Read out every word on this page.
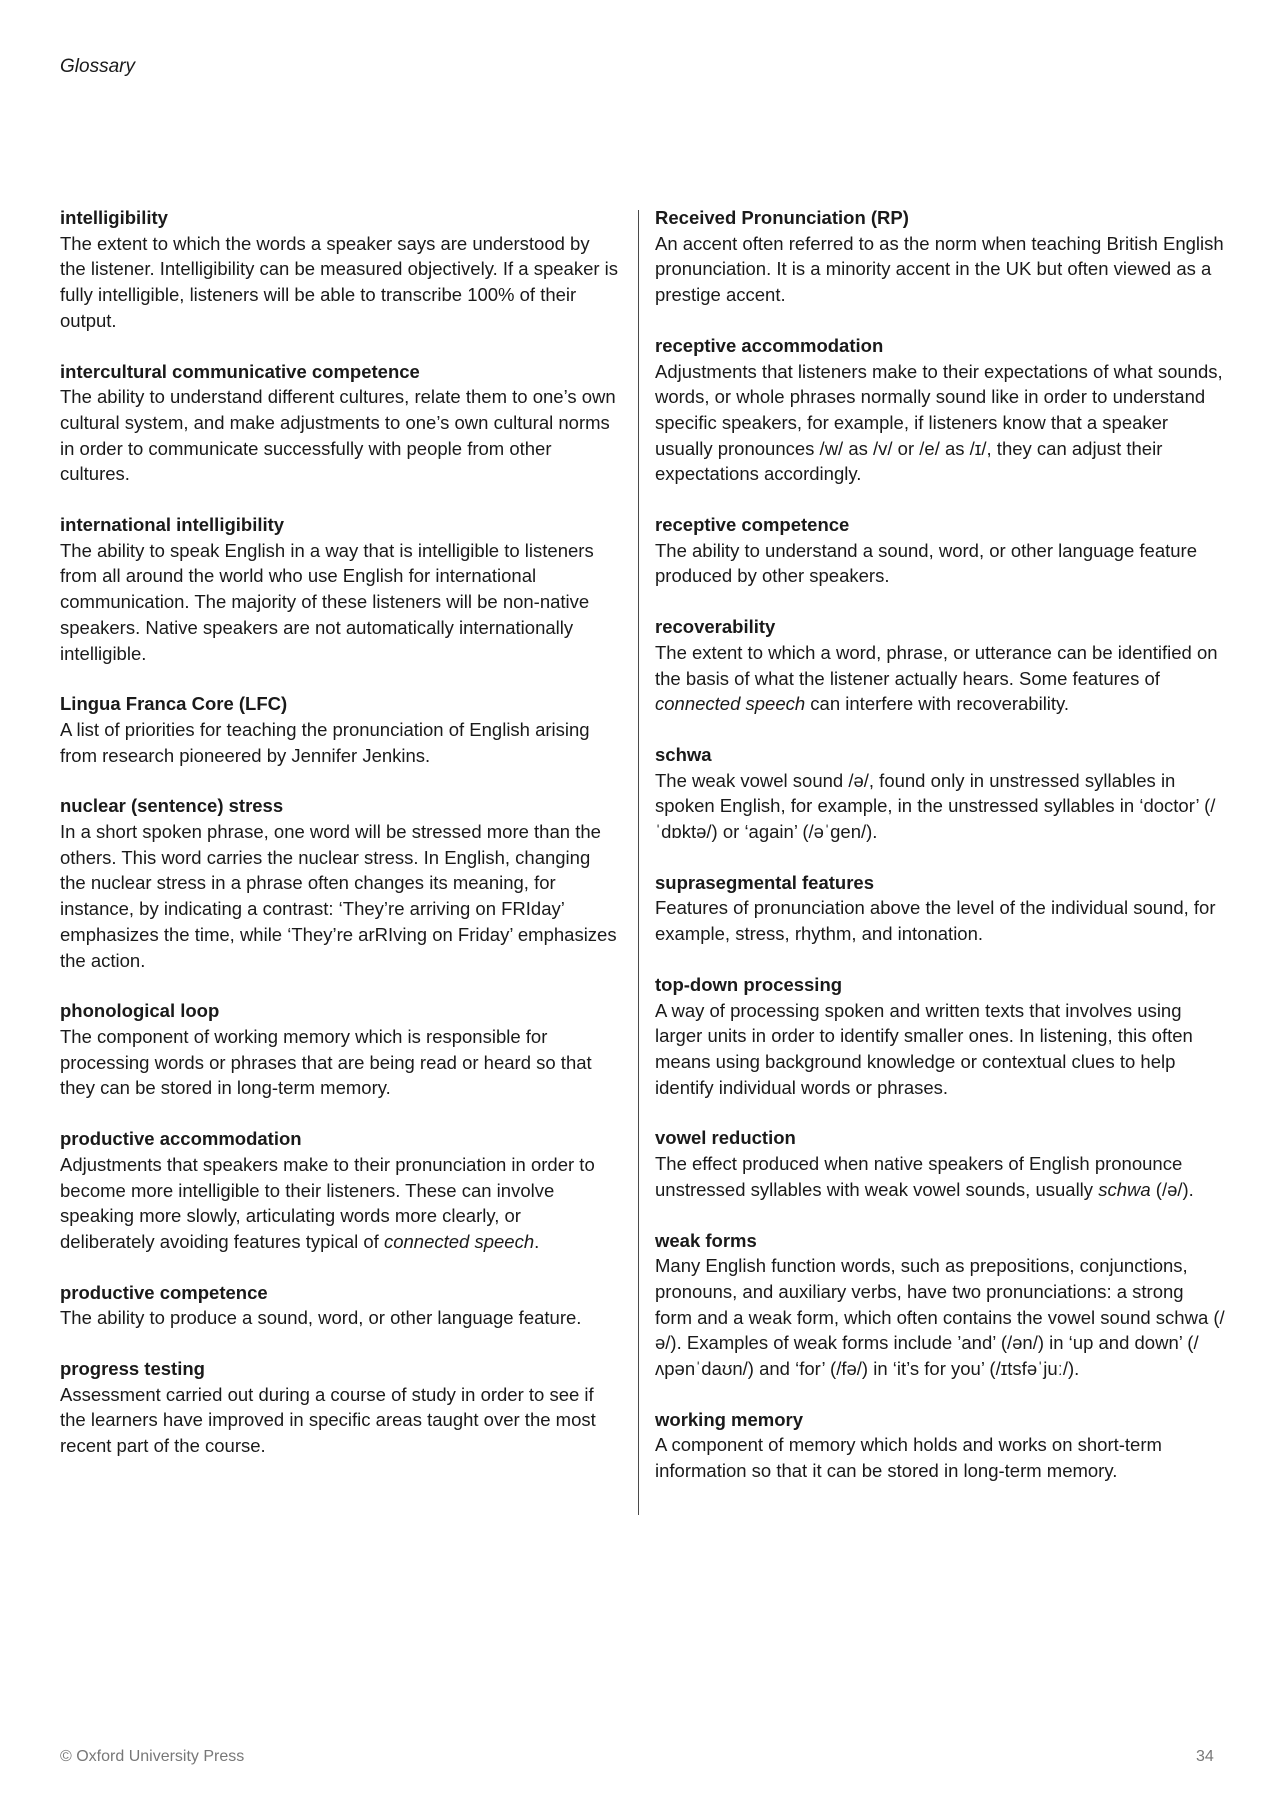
Glossary
intelligibility
The extent to which the words a speaker says are understood by the listener. Intelligibility can be measured objectively. If a speaker is fully intelligible, listeners will be able to transcribe 100% of their output.
intercultural communicative competence
The ability to understand different cultures, relate them to one’s own cultural system, and make adjustments to one’s own cultural norms in order to communicate successfully with people from other cultures.
international intelligibility
The ability to speak English in a way that is intelligible to listeners from all around the world who use English for international communication. The majority of these listeners will be non-native speakers. Native speakers are not automatically internationally intelligible.
Lingua Franca Core (LFC)
A list of priorities for teaching the pronunciation of English arising from research pioneered by Jennifer Jenkins.
nuclear (sentence) stress
In a short spoken phrase, one word will be stressed more than the others. This word carries the nuclear stress. In English, changing the nuclear stress in a phrase often changes its meaning, for instance, by indicating a contrast: ‘They’re arriving on FRIday’ emphasizes the time, while ‘They’re arRIving on Friday’ emphasizes the action.
phonological loop
The component of working memory which is responsible for processing words or phrases that are being read or heard so that they can be stored in long-term memory.
productive accommodation
Adjustments that speakers make to their pronunciation in order to become more intelligible to their listeners. These can involve speaking more slowly, articulating words more clearly, or deliberately avoiding features typical of connected speech.
productive competence
The ability to produce a sound, word, or other language feature.
progress testing
Assessment carried out during a course of study in order to see if the learners have improved in specific areas taught over the most recent part of the course.
Received Pronunciation (RP)
An accent often referred to as the norm when teaching British English pronunciation. It is a minority accent in the UK but often viewed as a prestige accent.
receptive accommodation
Adjustments that listeners make to their expectations of what sounds, words, or whole phrases normally sound like in order to understand specific speakers, for example, if listeners know that a speaker usually pronounces /w/ as /v/ or /e/ as /ɪ/, they can adjust their expectations accordingly.
receptive competence
The ability to understand a sound, word, or other language feature produced by other speakers.
recoverability
The extent to which a word, phrase, or utterance can be identified on the basis of what the listener actually hears. Some features of connected speech can interfere with recoverability.
schwa
The weak vowel sound /ə/, found only in unstressed syllables in spoken English, for example, in the unstressed syllables in ‘doctor’ (/ˈdɒktə/) or ‘again’ (/əˈgen/).
suprasegmental features
Features of pronunciation above the level of the individual sound, for example, stress, rhythm, and intonation.
top-down processing
A way of processing spoken and written texts that involves using larger units in order to identify smaller ones. In listening, this often means using background knowledge or contextual clues to help identify individual words or phrases.
vowel reduction
The effect produced when native speakers of English pronounce unstressed syllables with weak vowel sounds, usually schwa (/ə/).
weak forms
Many English function words, such as prepositions, conjunctions, pronouns, and auxiliary verbs, have two pronunciations: a strong form and a weak form, which often contains the vowel sound schwa (/ə/). Examples of weak forms include ’and’ (/ən/) in ‘up and down’ (/ʌpənˈdaʊn/) and ‘for’ (/fə/) in ‘it’s for you’ (/ɪtsfəˈjuː/).
working memory
A component of memory which holds and works on short-term information so that it can be stored in long-term memory.
© Oxford University Press	34
